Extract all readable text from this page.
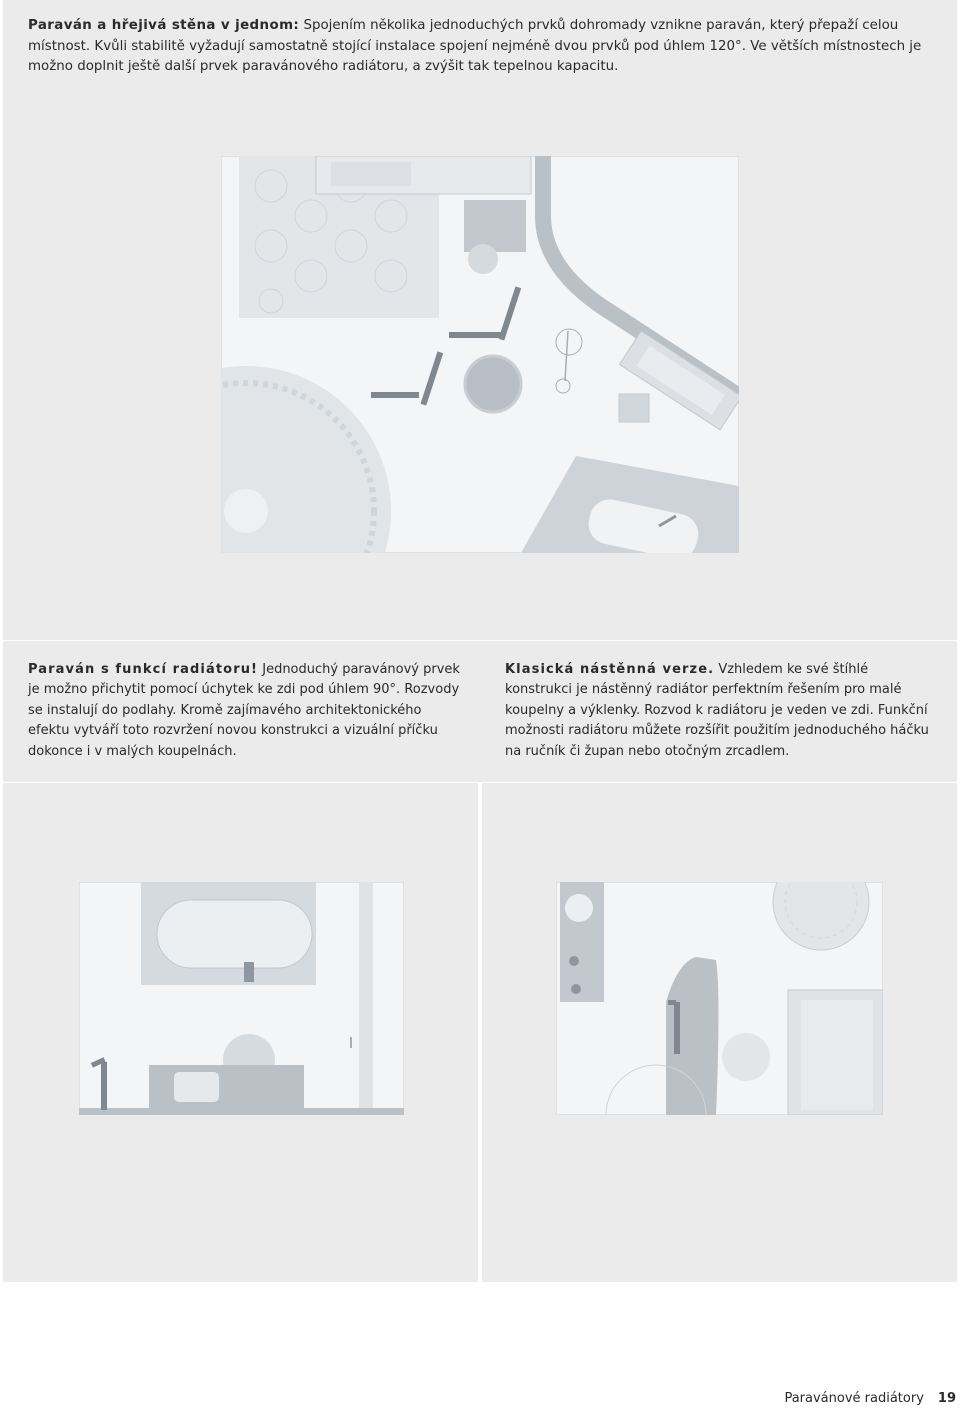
Paraván a hřejivá stěna v jednom: Spojením několika jednoduchých prvků dohromady vznikne paraván, který přepaží celou místnost. Kvůli stabilitě vyžadují samostatně stojící instalace spojení nejméně dvou prvků pod úhlem 120°. Ve větších místnostech je možno doplnit ještě další prvek paravánového radiátoru, a zvýšit tak tepelnou kapacitu.
Paraván s funkcí radiátoru! Jednoduchý paravánový prvek je možno přichytit pomocí úchytek ke zdi pod úhlem 90°. Rozvody se instalují do podlahy. Kromě zajímavého architektonického efektu vytváří toto rozvržení novou konstrukci a vizuální příčku dokonce i v malých koupelnách.
Klasická nástěnná verze. Vzhledem ke své štíhlé konstrukci je nástěnný radiátor perfektním řešením pro malé koupelny a výklenky. Rozvod k radiátoru je veden ve zdi. Funkční možnosti radiátoru můžete rozšířit použitím jednoduchého háčku na ručník či župan nebo otočným zrcadlem.
Paravánové radiátory 19
